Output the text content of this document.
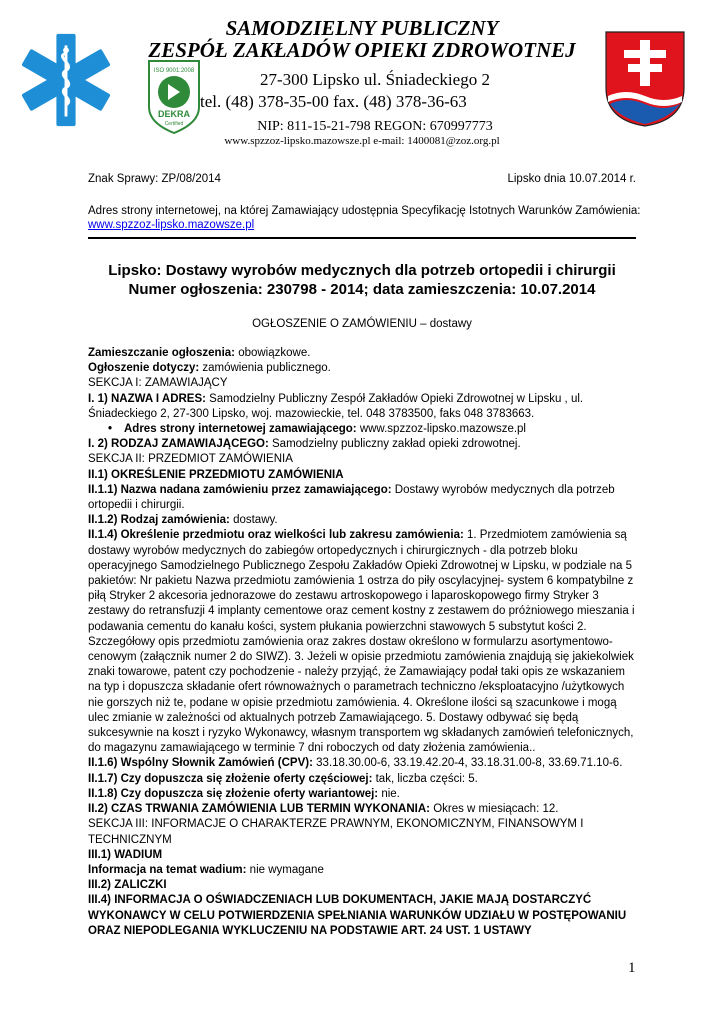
ISO 9001:2008
DEKRA
Certified
SAMODZIELNY PUBLICZNY
ZESPÓŁ ZAKŁADÓW OPIEKI ZDROWOTNEJ
27-300 Lipsko ul. Śniadeckiego 2
tel. (48) 378-35-00 fax. (48) 378-36-63
NIP: 811-15-21-798 REGON: 670997773
www.spzzoz-lipsko.mazowsze.pl e-mail: 1400081@zoz.org.pl
Znak Sprawy: ZP/08/2014	Lipsko dnia 10.07.2014 r.
Adres strony internetowej, na której Zamawiający udostępnia Specyfikację Istotnych Warunków Zamówienia:
www.spzzoz-lipsko.mazowsze.pl
Lipsko: Dostawy wyrobów medycznych dla potrzeb ortopedii i chirurgii
Numer ogłoszenia: 230798 - 2014; data zamieszczenia: 10.07.2014
OGŁOSZENIE O ZAMÓWIENIU – dostawy
Zamieszczanie ogłoszenia: obowiązkowe.
Ogłoszenie dotyczy: zamówienia publicznego.
SEKCJA I: ZAMAWIAJĄCY
I. 1) NAZWA I ADRES: Samodzielny Publiczny Zespół Zakładów Opieki Zdrowotnej w Lipsku , ul. Śniadeckiego 2, 27-300 Lipsko, woj. mazowieckie, tel. 048 3783500, faks 048 3783663.
• Adres strony internetowej zamawiającego: www.spzzoz-lipsko.mazowsze.pl
I. 2) RODZAJ ZAMAWIAJĄCEGO: Samodzielny publiczny zakład opieki zdrowotnej.
SEKCJA II: PRZEDMIOT ZAMÓWIENIA
II.1) OKREŚLENIE PRZEDMIOTU ZAMÓWIENIA
II.1.1) Nazwa nadana zamówieniu przez zamawiającego: Dostawy wyrobów medycznych dla potrzeb ortopedii i chirurgii.
II.1.2) Rodzaj zamówienia: dostawy.
II.1.4) Określenie przedmiotu oraz wielkości lub zakresu zamówienia: 1. Przedmiotem zamówienia są dostawy wyrobów medycznych do zabiegów ortopedycznych i chirurgicznych - dla potrzeb bloku operacyjnego Samodzielnego Publicznego Zespołu Zakładów Opieki Zdrowotnej w Lipsku, w podziale na 5 pakietów: Nr pakietu Nazwa przedmiotu zamówienia 1 ostrza do piły oscylacyjnej- system 6 kompatybilne z piłą Stryker 2 akcesoria jednorazowe do zestawu artroskopowego i laparoskopowego firmy Stryker 3 zestawy do retransfuzji 4 implanty cementowe oraz cement kostny z zestawem do próżniowego mieszania i podawania cementu do kanału kości, system płukania powierzchni stawowych 5 substytut kości 2. Szczegółowy opis przedmiotu zamówienia oraz zakres dostaw określono w formularzu asortymentowo-cenowym (załącznik numer 2 do SIWZ). 3. Jeżeli w opisie przedmiotu zamówienia znajdują się jakiekolwiek znaki towarowe, patent czy pochodzenie - należy przyjąć, że Zamawiający podał taki opis ze wskazaniem na typ i dopuszcza składanie ofert równoważnych o parametrach techniczno /eksploatacyjno /użytkowych nie gorszych niż te, podane w opisie przedmiotu zamówienia. 4. Określone ilości są szacunkowe i mogą ulec zmianie w zależności od aktualnych potrzeb Zamawiającego. 5. Dostawy odbywać się będą sukcesywnie na koszt i ryzyko Wykonawcy, własnym transportem wg składanych zamówień telefonicznych, do magazynu zamawiającego w terminie 7 dni roboczych od daty złożenia zamówienia..
II.1.6) Wspólny Słownik Zamówień (CPV): 33.18.30.00-6, 33.19.42.20-4, 33.18.31.00-8, 33.69.71.10-6.
II.1.7) Czy dopuszcza się złożenie oferty częściowej: tak, liczba części: 5.
II.1.8) Czy dopuszcza się złożenie oferty wariantowej: nie.
II.2) CZAS TRWANIA ZAMÓWIENIA LUB TERMIN WYKONANIA: Okres w miesiącach: 12.
SEKCJA III: INFORMACJE O CHARAKTERZE PRAWNYM, EKONOMICZNYM, FINANSOWYM I TECHNICZNYM
III.1) WADIUM
Informacja na temat wadium: nie wymagane
III.2) ZALICZKI
III.4) INFORMACJA O OŚWIADCZENIACH LUB DOKUMENTACH, JAKIE MAJĄ DOSTARCZYĆ WYKONAWCY W CELU POTWIERDZENIA SPEŁNIANIA WARUNKÓW UDZIAŁU W POSTĘPOWANIU ORAZ NIEPODLEGANIA WYKLUCZENIU NA PODSTAWIE ART. 24 UST. 1 USTAWY
1
